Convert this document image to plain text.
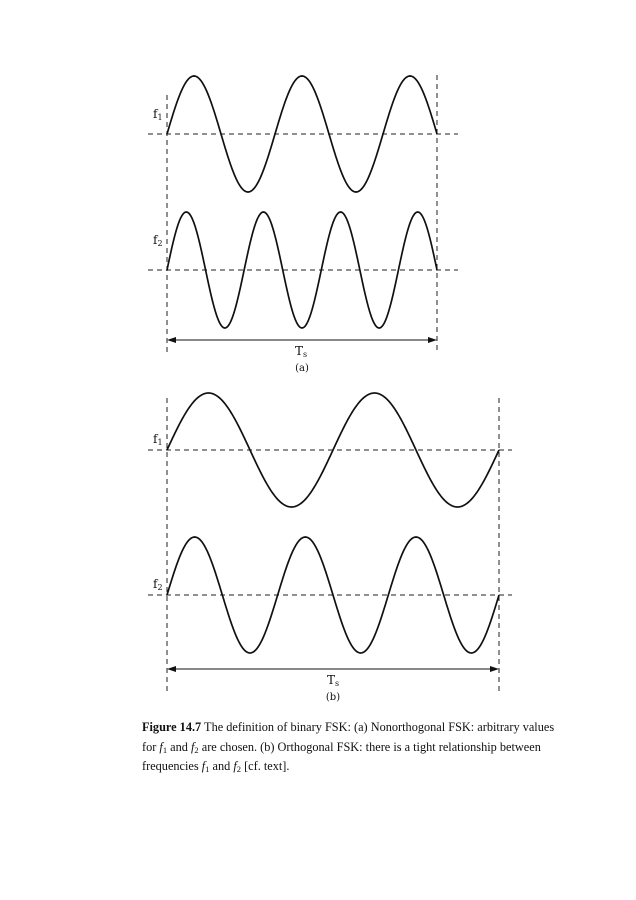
f1
f2
Ts
(a)
f1
f2
Ts
(b)
Figure 14.7 The definition of binary FSK: (a) Nonorthogonal FSK: arbitrary values for $f_1$ and $f_2$ are chosen. (b) Orthogonal FSK: there is a tight relationship between frequencies $f_1$ and $f_2$ [cf. text].
